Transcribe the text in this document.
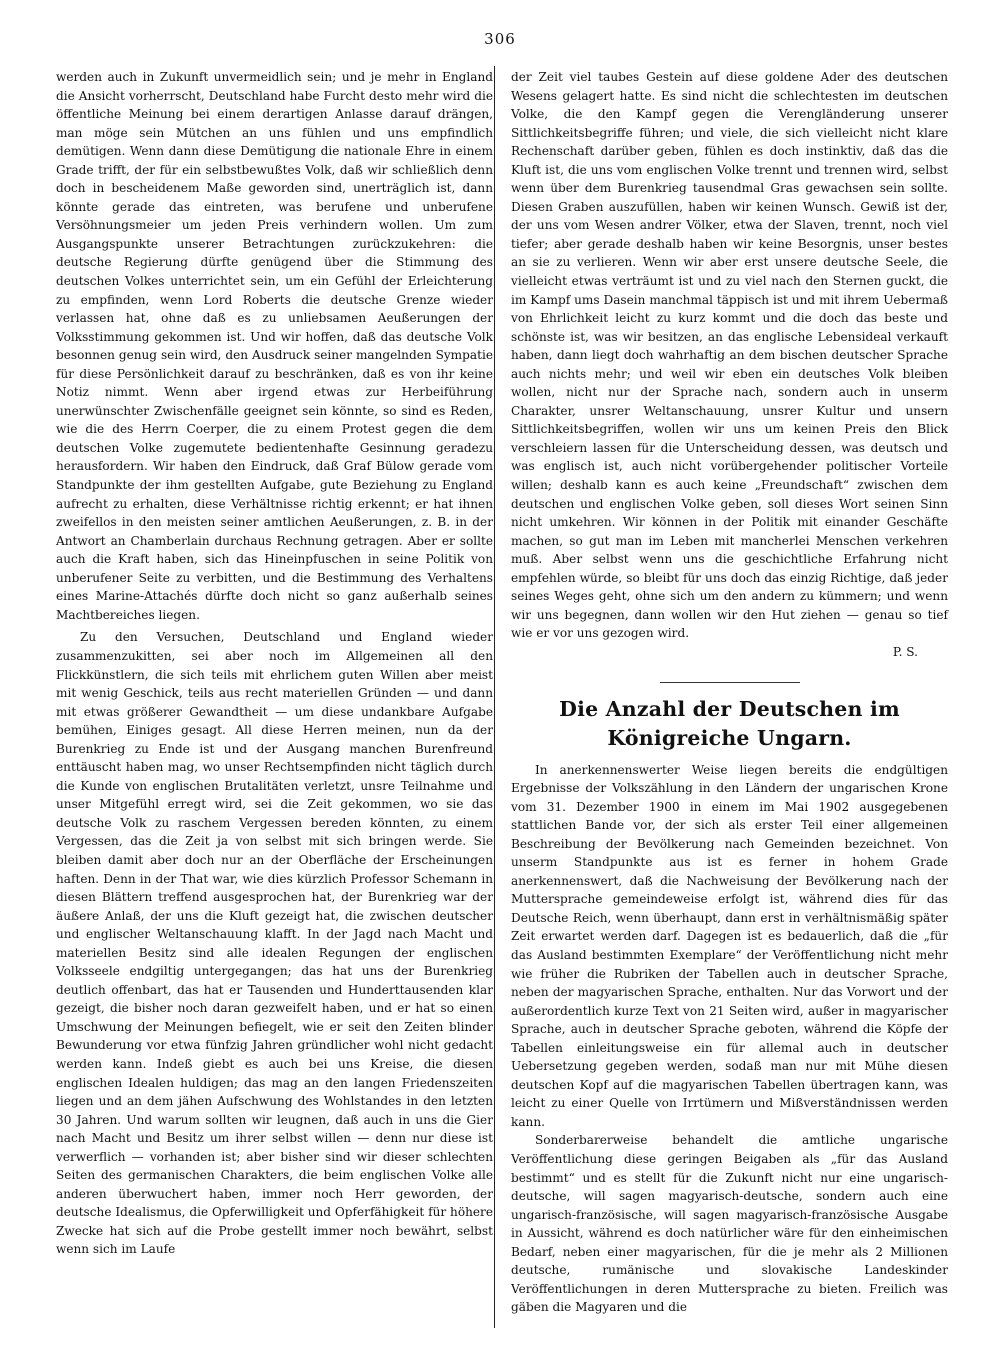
306

werden auch in Zukunft unvermeidlich sein; und je mehr in England die Ansicht vorherrscht, Deutschland habe Furcht desto mehr wird die öffentliche Meinung bei einem derartigen Anlasse darauf drängen, man möge sein Mütchen an uns fühlen und uns empfindlich demütigen. Wenn dann diese Demütigung die nationale Ehre in einem Grade trifft, der für ein selbstbewußtes Volk, daß wir schließlich denn doch in bescheidenem Maße geworden sind, unerträglich ist, dann könnte gerade das eintreten, was berufene und unberufene Versöhnungsmeier um jeden Preis verhindern wollen. Um zum Ausgangspunkte unserer Betrachtungen zurückzukehren: die deutsche Regierung dürfte genügend über die Stimmung des deutschen Volkes unterrichtet sein, um ein Gefühl der Erleichterung zu empfinden, wenn Lord Roberts die deutsche Grenze wieder verlassen hat, ohne daß es zu unliebsamen Aeußerungen der Volksstimmung gekommen ist. Und wir hoffen, daß das deutsche Volk besonnen genug sein wird, den Ausdruck seiner mangelnden Sympatie für diese Persönlichkeit darauf zu beschränken, daß es von ihr keine Notiz nimmt. Wenn aber irgend etwas zur Herbeiführung unerwünschter Zwischenfälle geeignet sein könnte, so sind es Reden, wie die des Herrn Coerper, die zu einem Protest gegen die dem deutschen Volke zugemutete bedientenhafte Gesinnung geradezu herausfordern. Wir haben den Eindruck, daß Graf Bülow gerade vom Standpunkte der ihm gestellten Aufgabe, gute Beziehung zu England aufrecht zu erhalten, diese Verhältnisse richtig erkennt; er hat ihnen zweifellos in den meisten seiner amtlichen Aeußerungen, z. B. in der Antwort an Chamberlain durchaus Rechnung getragen. Aber er sollte auch die Kraft haben, sich das Hineinpfuschen in seine Politik von unberufener Seite zu verbitten, und die Bestimmung des Verhaltens eines Marine-Attachés dürfte doch nicht so ganz außerhalb seines Machtbereiches liegen.

Zu den Versuchen, Deutschland und England wieder zusammenzukitten, sei aber noch im Allgemeinen all den Flickkünstlern, die sich teils mit ehrlichem guten Willen aber meist mit wenig Geschick, teils aus recht materiellen Gründen — und dann mit etwas größerer Gewandtheit — um diese undankbare Aufgabe bemühen, Einiges gesagt. All diese Herren meinen, nun da der Burenkrieg zu Ende ist und der Ausgang manchen Burenfreund enttäuscht haben mag, wo unser Rechtsempfinden nicht täglich durch die Kunde von englischen Brutalitäten verletzt, unsre Teilnahme und unser Mitgefühl erregt wird, sei die Zeit gekommen, wo sie das deutsche Volk zu raschem Vergessen bereden könnten, zu einem Vergessen, das die Zeit ja von selbst mit sich bringen werde. Sie bleiben damit aber doch nur an der Oberfläche der Erscheinungen haften. Denn in der That war, wie dies kürzlich Professor Schemann in diesen Blättern treffend ausgesprochen hat, der Burenkrieg war der äußere Anlaß, der uns die Kluft gezeigt hat, die zwischen deutscher und englischer Weltanschauung klafft. In der Jagd nach Macht und materiellen Besitz sind alle idealen Regungen der englischen Volksseele endgiltig untergegangen; das hat uns der Burenkrieg deutlich offenbart, das hat er Tausenden und Hunderttausenden klar gezeigt, die bisher noch daran gezweifelt haben, und er hat so einen Umschwung der Meinungen befiegelt, wie er seit den Zeiten blinder Bewunderung vor etwa fünfzig Jahren gründlicher wohl nicht gedacht werden kann. Indeß giebt es auch bei uns Kreise, die diesen englischen Idealen huldigen; das mag an den langen Friedenszeiten liegen und an dem jähen Aufschwung des Wohlstandes in den letzten 30 Jahren. Und warum sollten wir leugnen, daß auch in uns die Gier nach Macht und Besitz um ihrer selbst willen — denn nur diese ist verwerflich — vorhanden ist; aber bisher sind wir dieser schlechten Seiten des germanischen Charakters, die beim englischen Volke alle anderen überwuchert haben, immer noch Herr geworden, der deutsche Idealismus, die Opferwilligkeit und Opferfähigkeit für höhere Zwecke hat sich auf die Probe gestellt immer noch bewährt, selbst wenn sich im Laufe

der Zeit viel taubes Gestein auf diese goldene Ader des deutschen Wesens gelagert hatte. Es sind nicht die schlechtesten im deutschen Volke, die den Kampf gegen die Verengländerung unserer Sittlichkeitsbegriffe führen; und viele, die sich vielleicht nicht klare Rechenschaft darüber geben, fühlen es doch instinktiv, daß das die Kluft ist, die uns vom englischen Volke trennt und trennen wird, selbst wenn über dem Burenkrieg tausendmal Gras gewachsen sein sollte. Diesen Graben auszufüllen, haben wir keinen Wunsch. Gewiß ist der, der uns vom Wesen andrer Völker, etwa der Slaven, trennt, noch viel tiefer; aber gerade deshalb haben wir keine Besorgnis, unser bestes an sie zu verlieren. Wenn wir aber erst unsere deutsche Seele, die vielleicht etwas verträumt ist und zu viel nach den Sternen guckt, die im Kampf ums Dasein manchmal täppisch ist und mit ihrem Uebermaß von Ehrlichkeit leicht zu kurz kommt und die doch das beste und schönste ist, was wir besitzen, an das englische Lebensideal verkauft haben, dann liegt doch wahrhaftig an dem bischen deutscher Sprache auch nichts mehr; und weil wir eben ein deutsches Volk bleiben wollen, nicht nur der Sprache nach, sondern auch in unserm Charakter, unsrer Weltanschauung, unsrer Kultur und unsern Sittlichkeitsbegriffen, wollen wir uns um keinen Preis den Blick verschleiern lassen für die Unterscheidung dessen, was deutsch und was englisch ist, auch nicht vorübergehender politischer Vorteile willen; deshalb kann es auch keine „Freundschaft“ zwischen dem deutschen und englischen Volke geben, soll dieses Wort seinen Sinn nicht umkehren. Wir können in der Politik mit einander Geschäfte machen, so gut man im Leben mit mancherlei Menschen verkehren muß. Aber selbst wenn uns die geschichtliche Erfahrung nicht empfehlen würde, so bleibt für uns doch das einzig Richtige, daß jeder seines Weges geht, ohne sich um den andern zu kümmern; und wenn wir uns begegnen, dann wollen wir den Hut ziehen — genau so tief wie er vor uns gezogen wird.

P. S.

Die Anzahl der Deutschen im Königreiche Ungarn.

In anerkennenswerter Weise liegen bereits die endgültigen Ergebnisse der Volkszählung in den Ländern der ungarischen Krone vom 31. Dezember 1900 in einem im Mai 1902 ausgegebenen stattlichen Bande vor, der sich als erster Teil einer allgemeinen Beschreibung der Bevölkerung nach Gemeinden bezeichnet. Von unserm Standpunkte aus ist es ferner in hohem Grade anerkennenswert, daß die Nachweisung der Bevölkerung nach der Muttersprache gemeindeweise erfolgt ist, während dies für das Deutsche Reich, wenn überhaupt, dann erst in verhältnismäßig später Zeit erwartet werden darf. Dagegen ist es bedauerlich, daß die „für das Ausland bestimmten Exemplare“ der Veröffentlichung nicht mehr wie früher die Rubriken der Tabellen auch in deutscher Sprache, neben der magyarischen Sprache, enthalten. Nur das Vorwort und der außerordentlich kurze Text von 21 Seiten wird, außer in magyarischer Sprache, auch in deutscher Sprache geboten, während die Köpfe der Tabellen einleitungsweise ein für allemal auch in deutscher Uebersetzung gegeben werden, sodaß man nur mit Mühe diesen deutschen Kopf auf die magyarischen Tabellen übertragen kann, was leicht zu einer Quelle von Irrtümern und Mißverständnissen werden kann.

Sonderbarerweise behandelt die amtliche ungarische Veröffentlichung diese geringen Beigaben als „für das Ausland bestimmt“ und es stellt für die Zukunft nicht nur eine ungarisch-deutsche, will sagen magyarisch-deutsche, sondern auch eine ungarisch-französische, will sagen magyarisch-französische Ausgabe in Aussicht, während es doch natürlicher wäre für den einheimischen Bedarf, neben einer magyarischen, für die je mehr als 2 Millionen deutsche, rumänische und slovakische Landeskinder Veröffentlichungen in deren Muttersprache zu bieten. Freilich was gäben die Magyaren und die
